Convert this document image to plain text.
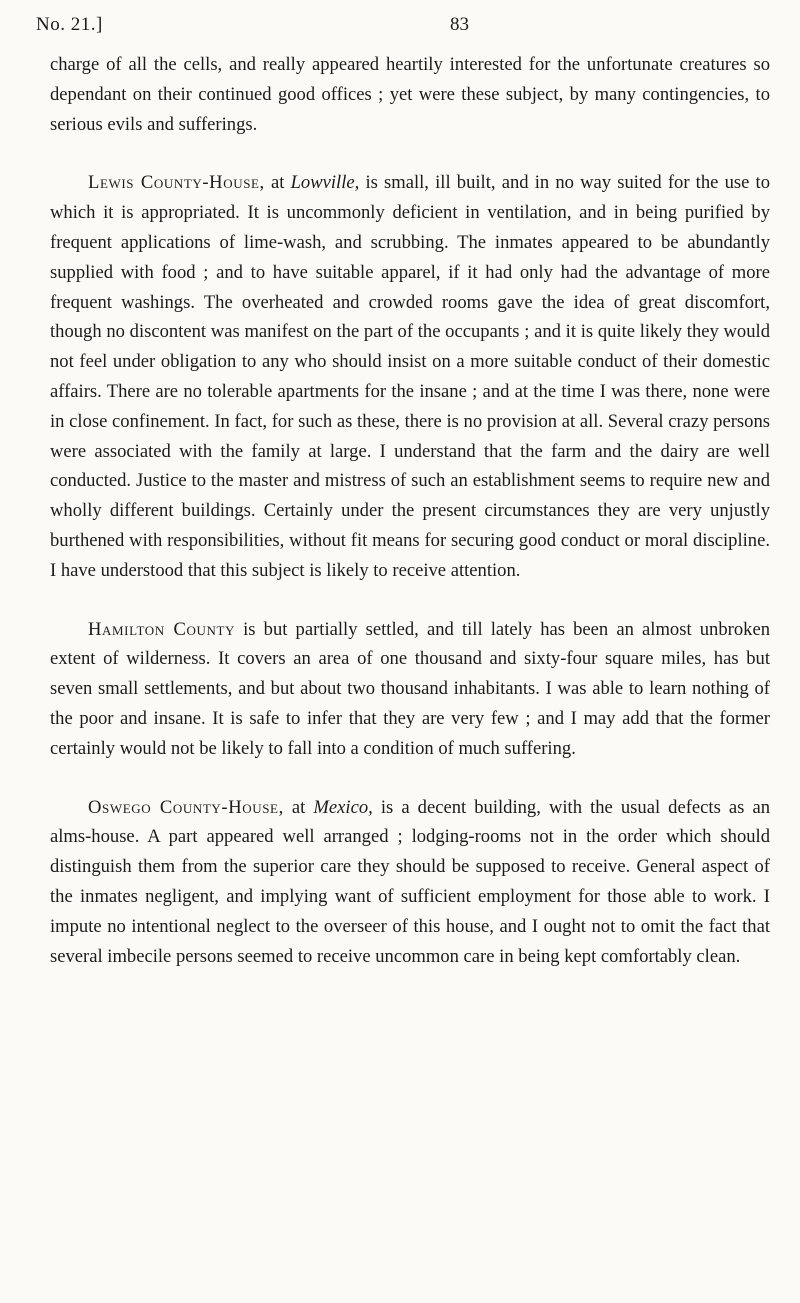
No. 21.]	83

charge of all the cells, and really appeared heartily interested for the unfortunate creatures so dependant on their continued good offices ; yet were these subject, by many contingencies, to serious evils and sufferings.

Lewis County-House, at Lowville, is small, ill built, and in no way suited for the use to which it is appropriated. It is uncommonly deficient in ventilation, and in being purified by frequent applications of lime-wash, and scrubbing. The inmates appeared to be abundantly supplied with food ; and to have suitable apparel, if it had only had the advantage of more frequent washings. The overheated and crowded rooms gave the idea of great discomfort, though no discontent was manifest on the part of the occupants ; and it is quite likely they would not feel under obligation to any who should insist on a more suitable conduct of their domestic affairs. There are no tolerable apartments for the insane ; and at the time I was there, none were in close confinement. In fact, for such as these, there is no provision at all. Several crazy persons were associated with the family at large. I understand that the farm and the dairy are well conducted. Justice to the master and mistress of such an establishment seems to require new and wholly different buildings. Certainly under the present circumstances they are very unjustly burthened with responsibilities, without fit means for securing good conduct or moral discipline. I have understood that this subject is likely to receive attention.

Hamilton County is but partially settled, and till lately has been an almost unbroken extent of wilderness. It covers an area of one thousand and sixty-four square miles, has but seven small settlements, and but about two thousand inhabitants. I was able to learn nothing of the poor and insane. It is safe to infer that they are very few ; and I may add that the former certainly would not be likely to fall into a condition of much suffering.

Oswego County-House, at Mexico, is a decent building, with the usual defects as an alms-house. A part appeared well arranged ; lodging-rooms not in the order which should distinguish them from the superior care they should be supposed to receive. General aspect of the inmates negligent, and implying want of sufficient employment for those able to work. I impute no intentional neglect to the overseer of this house, and I ought not to omit the fact that several imbecile persons seemed to receive uncommon care in being kept comfortably clean.
